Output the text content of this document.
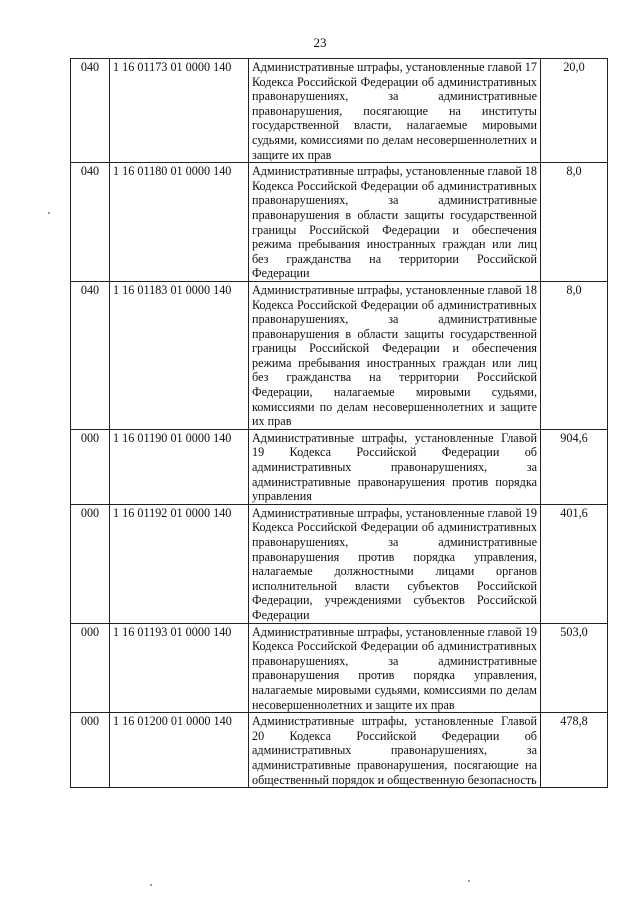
23
040	1 16 01173 01 0000 140	Административные штрафы, установленные главой 17 Кодекса Российской Федерации об административных правонарушениях, за административные правонарушения, посягающие на институты государственной власти, налагаемые мировыми судьями, комиссиями по делам несовершеннолетних и защите их прав	20,0
040	1 16 01180 01 0000 140	Административные штрафы, установленные главой 18 Кодекса Российской Федерации об административных правонарушениях, за административные правонарушения в области защиты государственной границы Российской Федерации и обеспечения режима пребывания иностранных граждан или лиц без гражданства на территории Российской Федерации	8,0
040	1 16 01183 01 0000 140	Административные штрафы, установленные главой 18 Кодекса Российской Федерации об административных правонарушениях, за административные правонарушения в области защиты государственной границы Российской Федерации и обеспечения режима пребывания иностранных граждан или лиц без гражданства на территории Российской Федерации, налагаемые мировыми судьями, комиссиями по делам несовершеннолетних и защите их прав	8,0
000	1 16 01190 01 0000 140	Административные штрафы, установленные Главой 19 Кодекса Российской Федерации об административных правонарушениях, за административные правонарушения против порядка управления	904,6
000	1 16 01192 01 0000 140	Административные штрафы, установленные главой 19 Кодекса Российской Федерации об административных правонарушениях, за административные правонарушения против порядка управления, налагаемые должностными лицами органов исполнительной власти субъектов Российской Федерации, учреждениями субъектов Российской Федерации	401,6
000	1 16 01193 01 0000 140	Административные штрафы, установленные главой 19 Кодекса Российской Федерации об административных правонарушениях, за административные правонарушения против порядка управления, налагаемые мировыми судьями, комиссиями по делам несовершеннолетних и защите их прав	503,0
000	1 16 01200 01 0000 140	Административные штрафы, установленные Главой 20 Кодекса Российской Федерации об административных правонарушениях, за административные правонарушения, посягающие на общественный порядок и общественную безопасность	478,8
